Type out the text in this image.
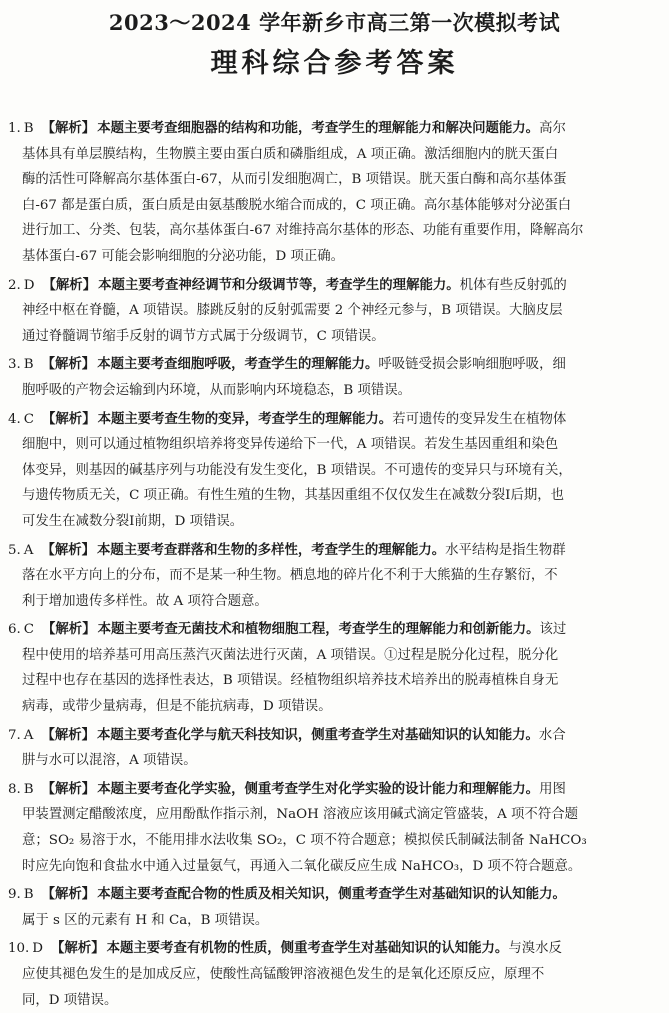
2023～2024 学年新乡市高三第一次模拟考试

理科综合参考答案

1. B 【解析】 本题主要考查细胞器的结构和功能，考查学生的理解能力和解决问题能力。高尔
基体具有单层膜结构，生物膜主要由蛋白质和磷脂组成，A 项正确。激活细胞内的胱天蛋白
酶的活性可降解高尔基体蛋白-67，从而引发细胞凋亡，B 项错误。胱天蛋白酶和高尔基体蛋
白-67 都是蛋白质，蛋白质是由氨基酸脱水缩合而成的，C 项正确。高尔基体能够对分泌蛋白
进行加工、分类、包装，高尔基体蛋白-67 对维持高尔基体的形态、功能有重要作用，降解高尔
基体蛋白-67 可能会影响细胞的分泌功能，D 项正确。
2. D 【解析】 本题主要考查神经调节和分级调节等，考查学生的理解能力。机体有些反射弧的
神经中枢在脊髓，A 项错误。膝跳反射的反射弧需要 2 个神经元参与，B 项错误。大脑皮层
通过脊髓调节缩手反射的调节方式属于分级调节，C 项错误。
3. B 【解析】 本题主要考查细胞呼吸，考查学生的理解能力。呼吸链受损会影响细胞呼吸，细
胞呼吸的产物会运输到内环境，从而影响内环境稳态，B 项错误。
4. C 【解析】 本题主要考查生物的变异，考查学生的理解能力。若可遗传的变异发生在植物体
细胞中，则可以通过植物组织培养将变异传递给下一代，A 项错误。若发生基因重组和染色
体变异，则基因的碱基序列与功能没有发生变化，B 项错误。不可遗传的变异只与环境有关，
与遗传物质无关，C 项正确。有性生殖的生物，其基因重组不仅仅发生在减数分裂Ⅰ后期，也
可发生在减数分裂Ⅰ前期，D 项错误。
5. A 【解析】 本题主要考查群落和生物的多样性，考查学生的理解能力。水平结构是指生物群
落在水平方向上的分布，而不是某一种生物。栖息地的碎片化不利于大熊猫的生存繁衍，不
利于增加遗传多样性。故 A 项符合题意。
6. C 【解析】 本题主要考查无菌技术和植物细胞工程，考查学生的理解能力和创新能力。该过
程中使用的培养基可用高压蒸汽灭菌法进行灭菌，A 项错误。①过程是脱分化过程，脱分化
过程中也存在基因的选择性表达，B 项错误。经植物组织培养技术培养出的脱毒植株自身无
病毒，或带少量病毒，但是不能抗病毒，D 项错误。
7. A 【解析】 本题主要考查化学与航天科技知识，侧重考查学生对基础知识的认知能力。水合
肼与水可以混溶，A 项错误。
8. B 【解析】 本题主要考查化学实验，侧重考查学生对化学实验的设计能力和理解能力。用图
甲装置测定醋酸浓度，应用酚酞作指示剂，NaOH 溶液应该用碱式滴定管盛装，A 项不符合题
意；SO₂ 易溶于水，不能用排水法收集 SO₂，C 项不符合题意；模拟侯氏制碱法制备 NaHCO₃
时应先向饱和食盐水中通入过量氨气，再通入二氧化碳反应生成 NaHCO₃，D 项不符合题意。
9. B 【解析】 本题主要考查配合物的性质及相关知识，侧重考查学生对基础知识的认知能力。
属于 s 区的元素有 H 和 Ca，B 项错误。
10. D 【解析】 本题主要考查有机物的性质，侧重考查学生对基础知识的认知能力。与溴水反
应使其褪色发生的是加成反应，使酸性高锰酸钾溶液褪色发生的是氧化还原反应，原理不
同，D 项错误。
